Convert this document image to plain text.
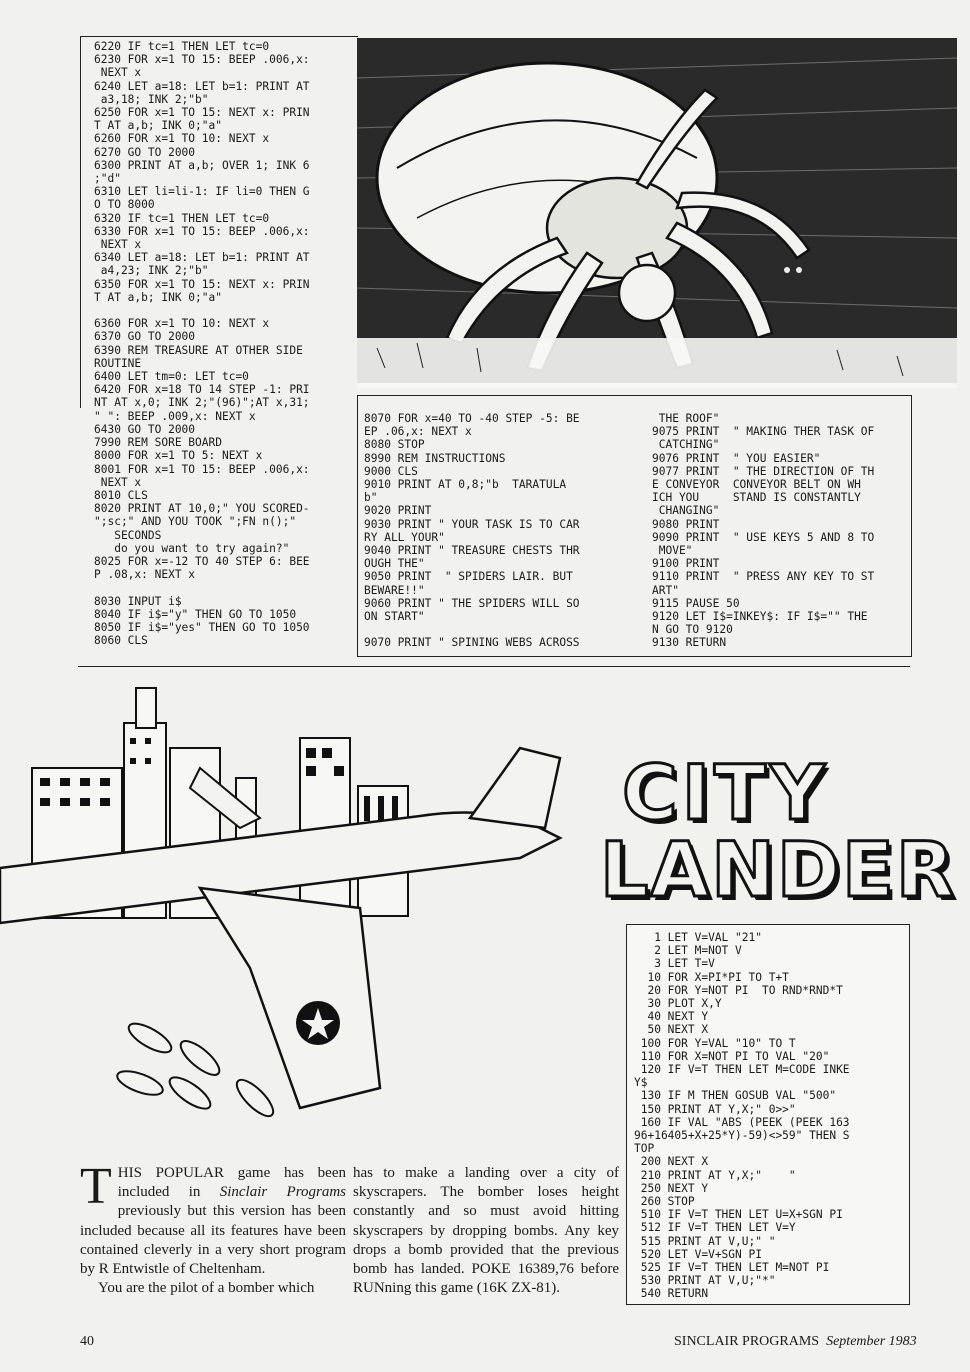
6220 IF tc=1 THEN LET tc=0
6230 FOR x=1 TO 15: BEEP .006,x:
NEXT x
6240 LET a=18: LET b=1: PRINT AT
a3,18; INK 2;"b"
6250 FOR x=1 TO 15: NEXT x: PRIN
T AT a,b; INK 0;"a"
6260 FOR x=1 TO 10: NEXT x
6270 GO TO 2000
6300 PRINT AT a,b; OVER 1; INK 6
;"d"
6310 LET li=li-1: IF li=0 THEN G
O TO 8000
6320 IF tc=1 THEN LET tc=0
6330 FOR x=1 TO 15: BEEP .006,x:
NEXT x
6340 LET a=18: LET b=1: PRINT AT
a4,23; INK 2;"b"
6350 FOR x=1 TO 15: NEXT x: PRIN
T AT a,b; INK 0;"a"

6360 FOR x=1 TO 10: NEXT x
6370 GO TO 2000
6390 REM TREASURE AT OTHER SIDE
ROUTINE
6400 LET tm=0: LET tc=0
6420 FOR x=18 TO 14 STEP -1: PRI
NT AT x,0; INK 2;"(96)";AT x,31;
" ": BEEP .009,x: NEXT x
6430 GO TO 2000
7990 REM SORE BOARD
8000 FOR x=1 TO 5: NEXT x
8001 FOR x=1 TO 15: BEEP .006,x:
NEXT x
8010 CLS
8020 PRINT AT 10,0;" YOU SCORED-
";sc;" AND YOU TOOK ";FN n();"
SECONDS
do you want to try again?"
8025 FOR x=-12 TO 40 STEP 6: BEE
P .08,x: NEXT x

8030 INPUT i$
8040 IF i$="y" THEN GO TO 1050
8050 IF i$="yes" THEN GO TO 1050
8060 CLS
8070 FOR x=40 TO -40 STEP -5: BE
EP .06,x: NEXT x
8080 STOP
8990 REM INSTRUCTIONS
9000 CLS
9010 PRINT AT 0,8;"b  TARATULA
b"
9020 PRINT
9030 PRINT " YOUR TASK IS TO CAR
RY ALL YOUR"
9040 PRINT " TREASURE CHESTS THR
OUGH THE"
9050 PRINT  " SPIDERS LAIR. BUT
BEWARE!!"
9060 PRINT " THE SPIDERS WILL SO
ON START"

9070 PRINT " SPINING WEBS ACROSS
THE ROOF"
9075 PRINT  " MAKING THER TASK OF
CATCHING"
9076 PRINT  " YOU EASIER"
9077 PRINT  " THE DIRECTION OF TH
E CONVEYOR  CONVEYOR BELT ON WH
ICH YOU     STAND IS CONSTANTLY
CHANGING"
9080 PRINT
9090 PRINT  " USE KEYS 5 AND 8 TO
MOVE"
9100 PRINT
9110 PRINT  " PRESS ANY KEY TO ST
ART"
9115 PAUSE 50
9120 LET I$=INKEY$: IF I$="" THE
N GO TO 9120
9130 RETURN
CITY
LANDER
1 LET V=VAL "21"
2 LET M=NOT V
3 LET T=V
10 FOR X=PI*PI TO T+T
20 FOR Y=NOT PI  TO RND*RND*T
30 PLOT X,Y
40 NEXT Y
50 NEXT X
100 FOR Y=VAL "10" TO T
110 FOR X=NOT PI TO VAL "20"
120 IF V=T THEN LET M=CODE INKE
Y$
130 IF M THEN GOSUB VAL "500"
150 PRINT AT Y,X;" 0>>"
160 IF VAL "ABS (PEEK (PEEK 163
96+16405+X+25*Y)-59)<>59" THEN S
TOP
200 NEXT X
210 PRINT AT Y,X;"    "
250 NEXT Y
260 STOP
510 IF V=T THEN LET U=X+SGN PI
512 IF V=T THEN LET V=Y
515 PRINT AT V,U;" "
520 LET V=V+SGN PI
525 IF V=T THEN LET M=NOT PI
530 PRINT AT V,U;"*"
540 RETURN
THIS POPULAR game has been included in Sinclair Programs previously but this version has been included because all its features have been contained cleverly in a very short program by R Entwistle of Cheltenham.
You are the pilot of a bomber which
has to make a landing over a city of skyscrapers. The bomber loses height constantly and so must avoid hitting skyscrapers by dropping bombs. Any key drops a bomb provided that the previous bomb has landed. POKE 16389,76 before RUNning this game (16K ZX-81).
40	SINCLAIR PROGRAMS September 1983
